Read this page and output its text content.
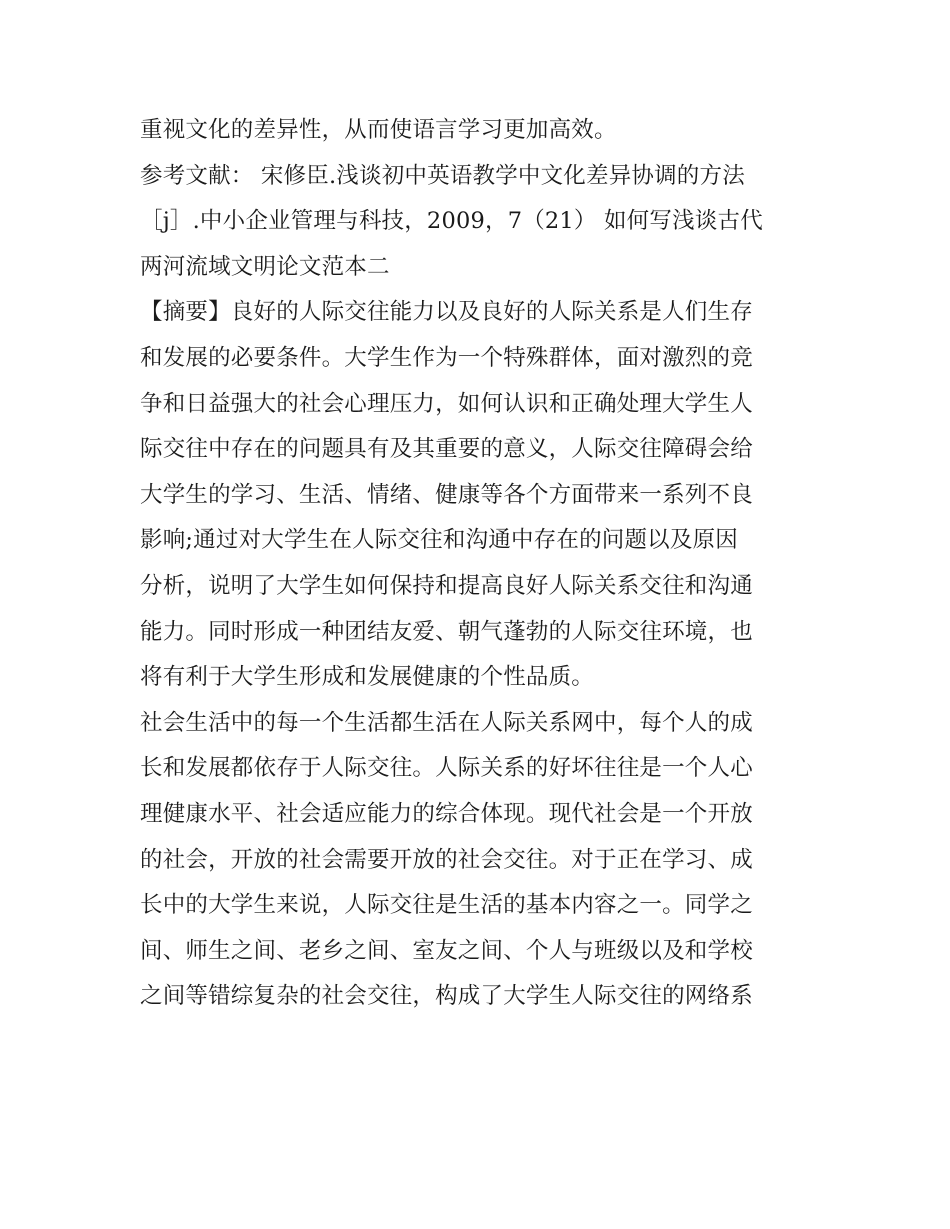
重视文化的差异性，从而使语言学习更加高效。
参考文献： 宋修臣.浅谈初中英语教学中文化差异协调的方法
［j］.中小企业管理与科技，2009，7（21） 如何写浅谈古代
两河流域文明论文范本二
【摘要】良好的人际交往能力以及良好的人际关系是人们生存
和发展的必要条件。大学生作为一个特殊群体，面对激烈的竞
争和日益强大的社会心理压力，如何认识和正确处理大学生人
际交往中存在的问题具有及其重要的意义，人际交往障碍会给
大学生的学习、生活、情绪、健康等各个方面带来一系列不良
影响;通过对大学生在人际交往和沟通中存在的问题以及原因
分析，说明了大学生如何保持和提高良好人际关系交往和沟通
能力。同时形成一种团结友爱、朝气蓬勃的人际交往环境，也
将有利于大学生形成和发展健康的个性品质。
社会生活中的每一个生活都生活在人际关系网中，每个人的成
长和发展都依存于人际交往。人际关系的好坏往往是一个人心
理健康水平、社会适应能力的综合体现。现代社会是一个开放
的社会，开放的社会需要开放的社会交往。对于正在学习、成
长中的大学生来说，人际交往是生活的基本内容之一。同学之
间、师生之间、老乡之间、室友之间、个人与班级以及和学校
之间等错综复杂的社会交往，构成了大学生人际交往的网络系
